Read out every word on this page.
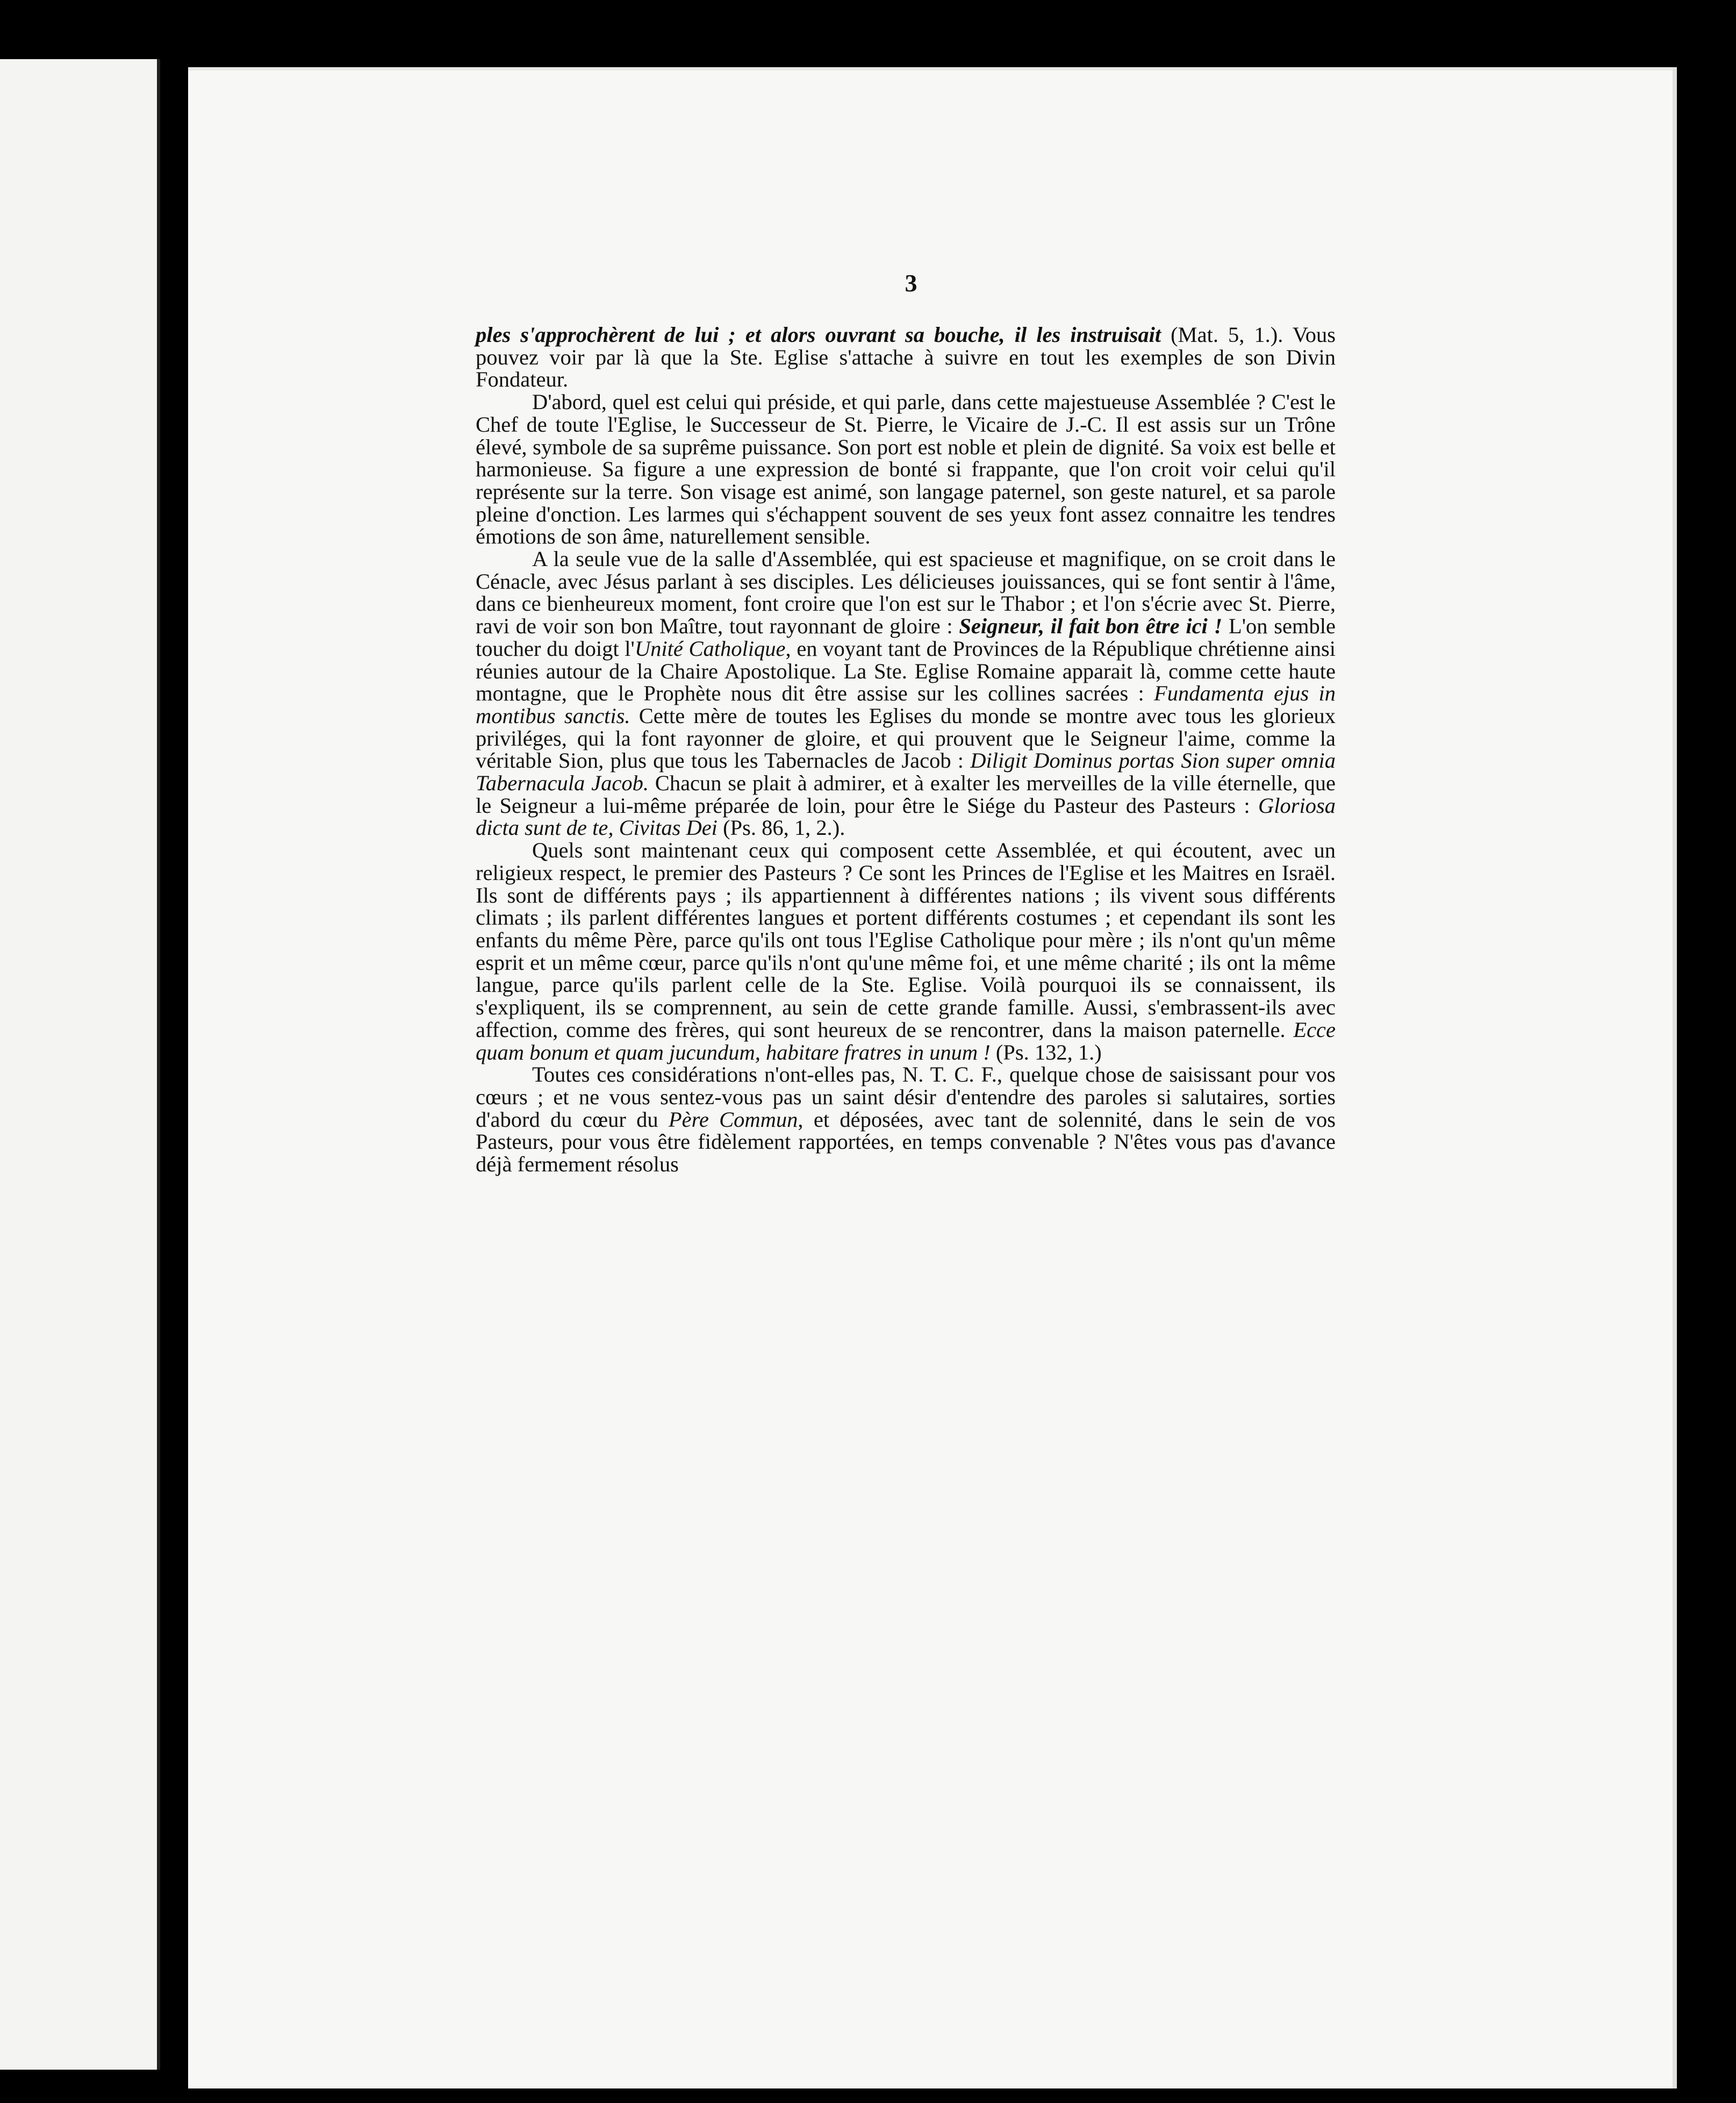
3

ples s'approchèrent de lui ; et alors ouvrant sa bouche, il les instruisait (Mat. 5, 1.). Vous pouvez voir par là que la Ste. Eglise s'attache à suivre en tout les exemples de son Divin Fondateur.

D'abord, quel est celui qui préside, et qui parle, dans cette majestueuse Assemblée ? C'est le Chef de toute l'Eglise, le Successeur de St. Pierre, le Vicaire de J.-C. Il est assis sur un Trône élevé, symbole de sa suprême puissance. Son port est noble et plein de dignité. Sa voix est belle et harmonieuse. Sa figure a une expression de bonté si frappante, que l'on croit voir celui qu'il représente sur la terre. Son visage est animé, son langage paternel, son geste naturel, et sa parole pleine d'onction. Les larmes qui s'échappent souvent de ses yeux font assez connaitre les tendres émotions de son âme, naturellement sensible.

A la seule vue de la salle d'Assemblée, qui est spacieuse et magnifique, on se croit dans le Cénacle, avec Jésus parlant à ses disciples. Les délicieuses jouissances, qui se font sentir à l'âme, dans ce bienheureux moment, font croire que l'on est sur le Thabor ; et l'on s'écrie avec St. Pierre, ravi de voir son bon Maître, tout rayonnant de gloire : Seigneur, il fait bon être ici ! L'on semble toucher du doigt l'Unité Catholique, en voyant tant de Provinces de la République chrétienne ainsi réunies autour de la Chaire Apostolique. La Ste. Eglise Romaine apparait là, comme cette haute montagne, que le Prophète nous dit être assise sur les collines sacrées : Fundamenta ejus in montibus sanctis. Cette mère de toutes les Eglises du monde se montre avec tous les glorieux priviléges, qui la font rayonner de gloire, et qui prouvent que le Seigneur l'aime, comme la véritable Sion, plus que tous les Tabernacles de Jacob : Diligit Dominus portas Sion super omnia Tabernacula Jacob. Chacun se plait à admirer, et à exalter les merveilles de la ville éternelle, que le Seigneur a lui-même préparée de loin, pour être le Siége du Pasteur des Pasteurs : Gloriosa dicta sunt de te, Civitas Dei (Ps. 86, 1, 2.).

Quels sont maintenant ceux qui composent cette Assemblée, et qui écoutent, avec un religieux respect, le premier des Pasteurs ? Ce sont les Princes de l'Eglise et les Maitres en Israël. Ils sont de différents pays ; ils appartiennent à différentes nations ; ils vivent sous différents climats ; ils parlent différentes langues et portent différents costumes ; et cependant ils sont les enfants du même Père, parce qu'ils ont tous l'Eglise Catholique pour mère ; ils n'ont qu'un même esprit et un même cœur, parce qu'ils n'ont qu'une même foi, et une même charité ; ils ont la même langue, parce qu'ils parlent celle de la Ste. Eglise. Voilà pourquoi ils se connaissent, ils s'expliquent, ils se comprennent, au sein de cette grande famille. Aussi, s'embrassent-ils avec affection, comme des frères, qui sont heureux de se rencontrer, dans la maison paternelle. Ecce quam bonum et quam jucundum, habitare fratres in unum ! (Ps. 132, 1.)

Toutes ces considérations n'ont-elles pas, N. T. C. F., quelque chose de saisissant pour vos cœurs ; et ne vous sentez-vous pas un saint désir d'entendre des paroles si salutaires, sorties d'abord du cœur du Père Commun, et déposées, avec tant de solennité, dans le sein de vos Pasteurs, pour vous être fidèlement rapportées, en temps convenable ? N'êtes vous pas d'avance déjà fermement résolus
